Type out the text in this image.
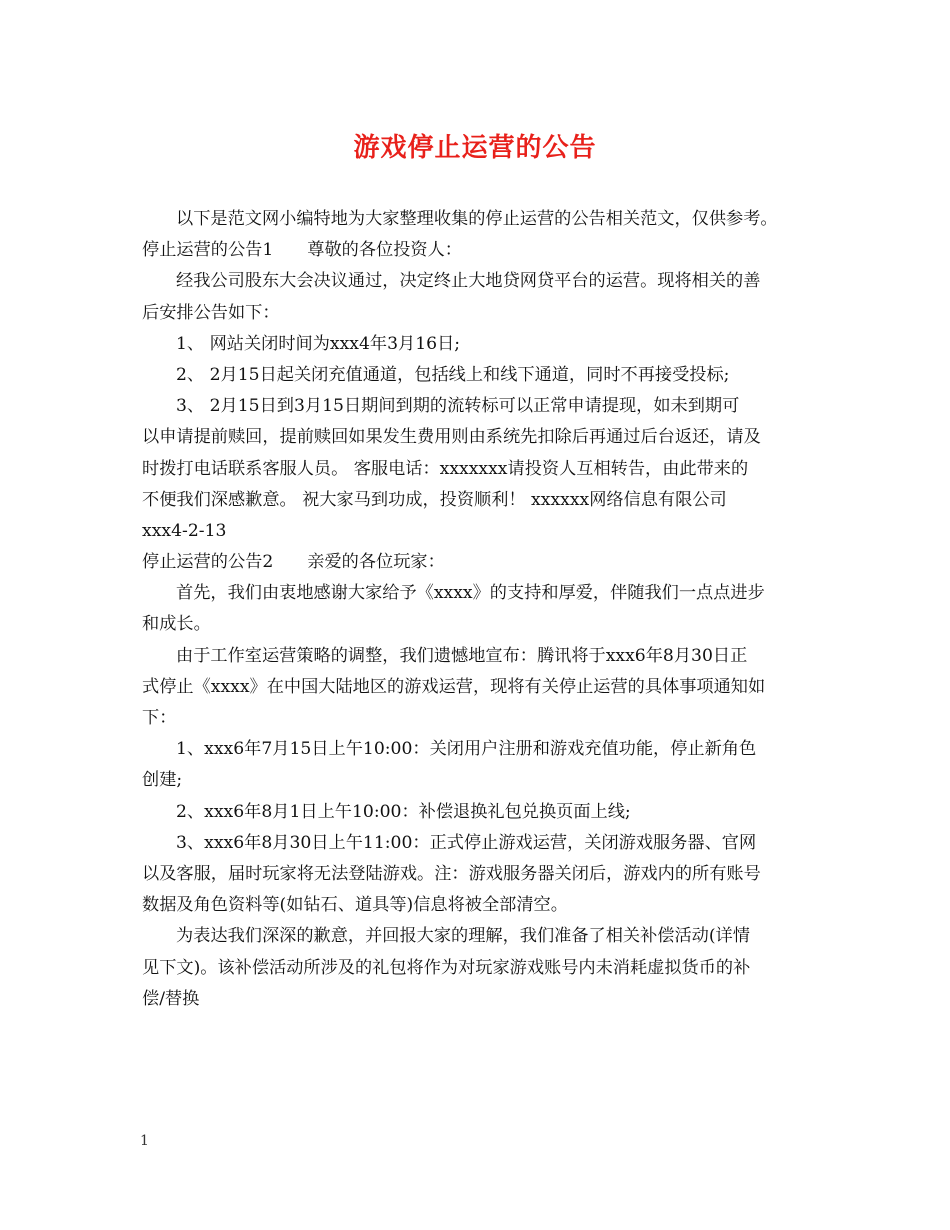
游戏停止运营的公告
以下是范文网小编特地为大家整理收集的停止运营的公告相关范文，仅供参考。
停止运营的公告1 尊敬的各位投资人：
经我公司股东大会决议通过，决定终止大地贷网贷平台的运营。现将相关的善
后安排公告如下：
1、 网站关闭时间为xxx4年3月16日;
2、 2月15日起关闭充值通道，包括线上和线下通道，同时不再接受投标;
3、 2月15日到3月15日期间到期的流转标可以正常申请提现，如未到期可
以申请提前赎回，提前赎回如果发生费用则由系统先扣除后再通过后台返还，请及
时拨打电话联系客服人员。 客服电话：xxxxxxx请投资人互相转告，由此带来的
不便我们深感歉意。 祝大家马到功成，投资顺利！ xxxxxx网络信息有限公司
xxx4-2-13
停止运营的公告2 亲爱的各位玩家：
首先，我们由衷地感谢大家给予《xxxx》的支持和厚爱，伴随我们一点点进步
和成长。
由于工作室运营策略的调整，我们遗憾地宣布：腾讯将于xxx6年8月30日正
式停止《xxxx》在中国大陆地区的游戏运营，现将有关停止运营的具体事项通知如
下：
1、xxx6年7月15日上午10:00：关闭用户注册和游戏充值功能，停止新角色
创建;
2、xxx6年8月1日上午10:00：补偿退换礼包兑换页面上线;
3、xxx6年8月30日上午11:00：正式停止游戏运营，关闭游戏服务器、官网
以及客服，届时玩家将无法登陆游戏。注：游戏服务器关闭后，游戏内的所有账号
数据及角色资料等(如钻石、道具等)信息将被全部清空。
为表达我们深深的歉意，并回报大家的理解，我们准备了相关补偿活动(详情
见下文)。该补偿活动所涉及的礼包将作为对玩家游戏账号内未消耗虚拟货币的补
偿/替换
1
